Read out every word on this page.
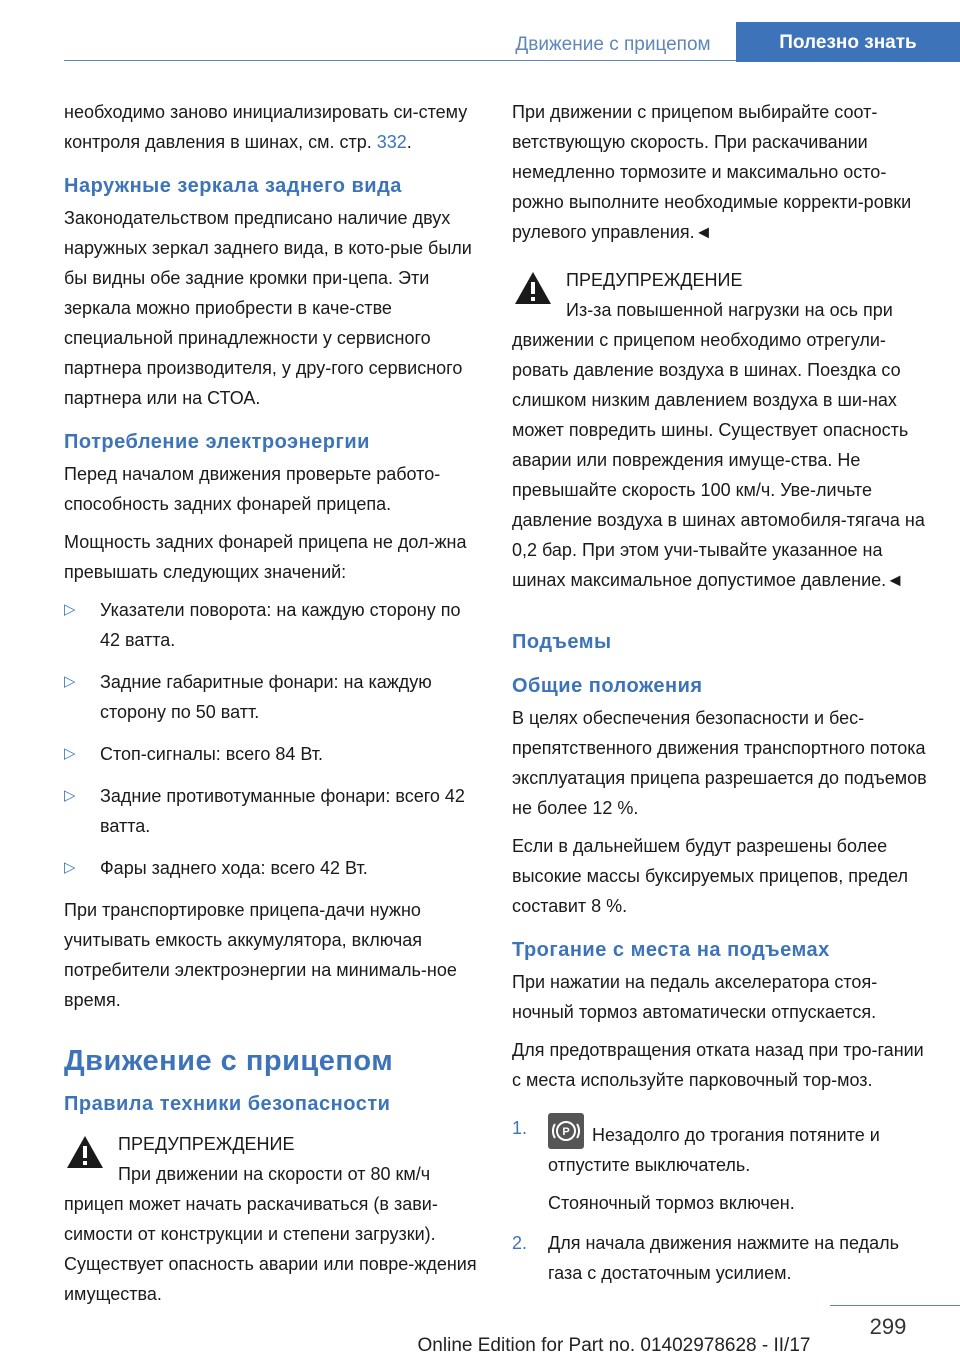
Движение с прицепом	Полезно знать

необходимо заново инициализировать си-стему контроля давления в шинах, см. стр. 332.

Наружные зеркала заднего вида

Законодательством предписано наличие двух наружных зеркал заднего вида, в кото-рые были бы видны обе задние кромки при-цепа. Эти зеркала можно приобрести в каче-стве специальной принадлежности у сервисного партнера производителя, у дру-гого сервисного партнера или на СТОА.

Потребление электроэнергии

Перед началом движения проверьте работо-способность задних фонарей прицепа.

Мощность задних фонарей прицепа не дол-жна превышать следующих значений:

▷ Указатели поворота: на каждую сторону по 42 ватта.
▷ Задние габаритные фонари: на каждую сторону по 50 ватт.
▷ Стоп-сигналы: всего 84 Вт.
▷ Задние противотуманные фонари: всего 42 ватта.
▷ Фары заднего хода: всего 42 Вт.

При транспортировке прицепа-дачи нужно учитывать емкость аккумулятора, включая потребители электроэнергии на минималь-ное время.

Движение с прицепом
Правила техники безопасности
ПРЕДУПРЕЖДЕНИЕ
При движении на скорости от 80 км/ч прицеп может начать раскачиваться (в зави-симости от конструкции и степени загрузки). Существует опасность аварии или повре-ждения имущества.

При движении с прицепом выбирайте соот-ветствующую скорость. При раскачивании немедленно тормозите и максимально осто-рожно выполните необходимые корректи-ровки рулевого управления.◄

ПРЕДУПРЕЖДЕНИЕ
Из-за повышенной нагрузки на ось при движении с прицепом необходимо отрегули-ровать давление воздуха в шинах. Поездка со слишком низким давлением воздуха в ши-нах может повредить шины. Существует опасность аварии или повреждения имуще-ства. Не превышайте скорость 100 км/ч. Уве-личьте давление воздуха в шинах автомобиля-тягача на 0,2 бар. При этом учи-тывайте указанное на шинах максимальное допустимое давление.◄
Подъемы
Общие положения

В целях обеспечения безопасности и бес-препятственного движения транспортного потока эксплуатация прицепа разрешается до подъемов не более 12 %.

Если в дальнейшем будут разрешены более высокие массы буксируемых прицепов, предел составит 8 %.

Трогание с места на подъемах

При нажатии на педаль акселератора стоя-ночный тормоз автоматически отпускается.

Для предотвращения отката назад при тро-гании с места используйте парковочный тор-моз.

1.	P Незадолго до трогания потяните и отпустите выключатель.
Стояночный тормоз включен.
2. Для начала движения нажмите на педаль газа с достаточным усилием.
299
Online Edition for Part no. 01402978628 - II/17
